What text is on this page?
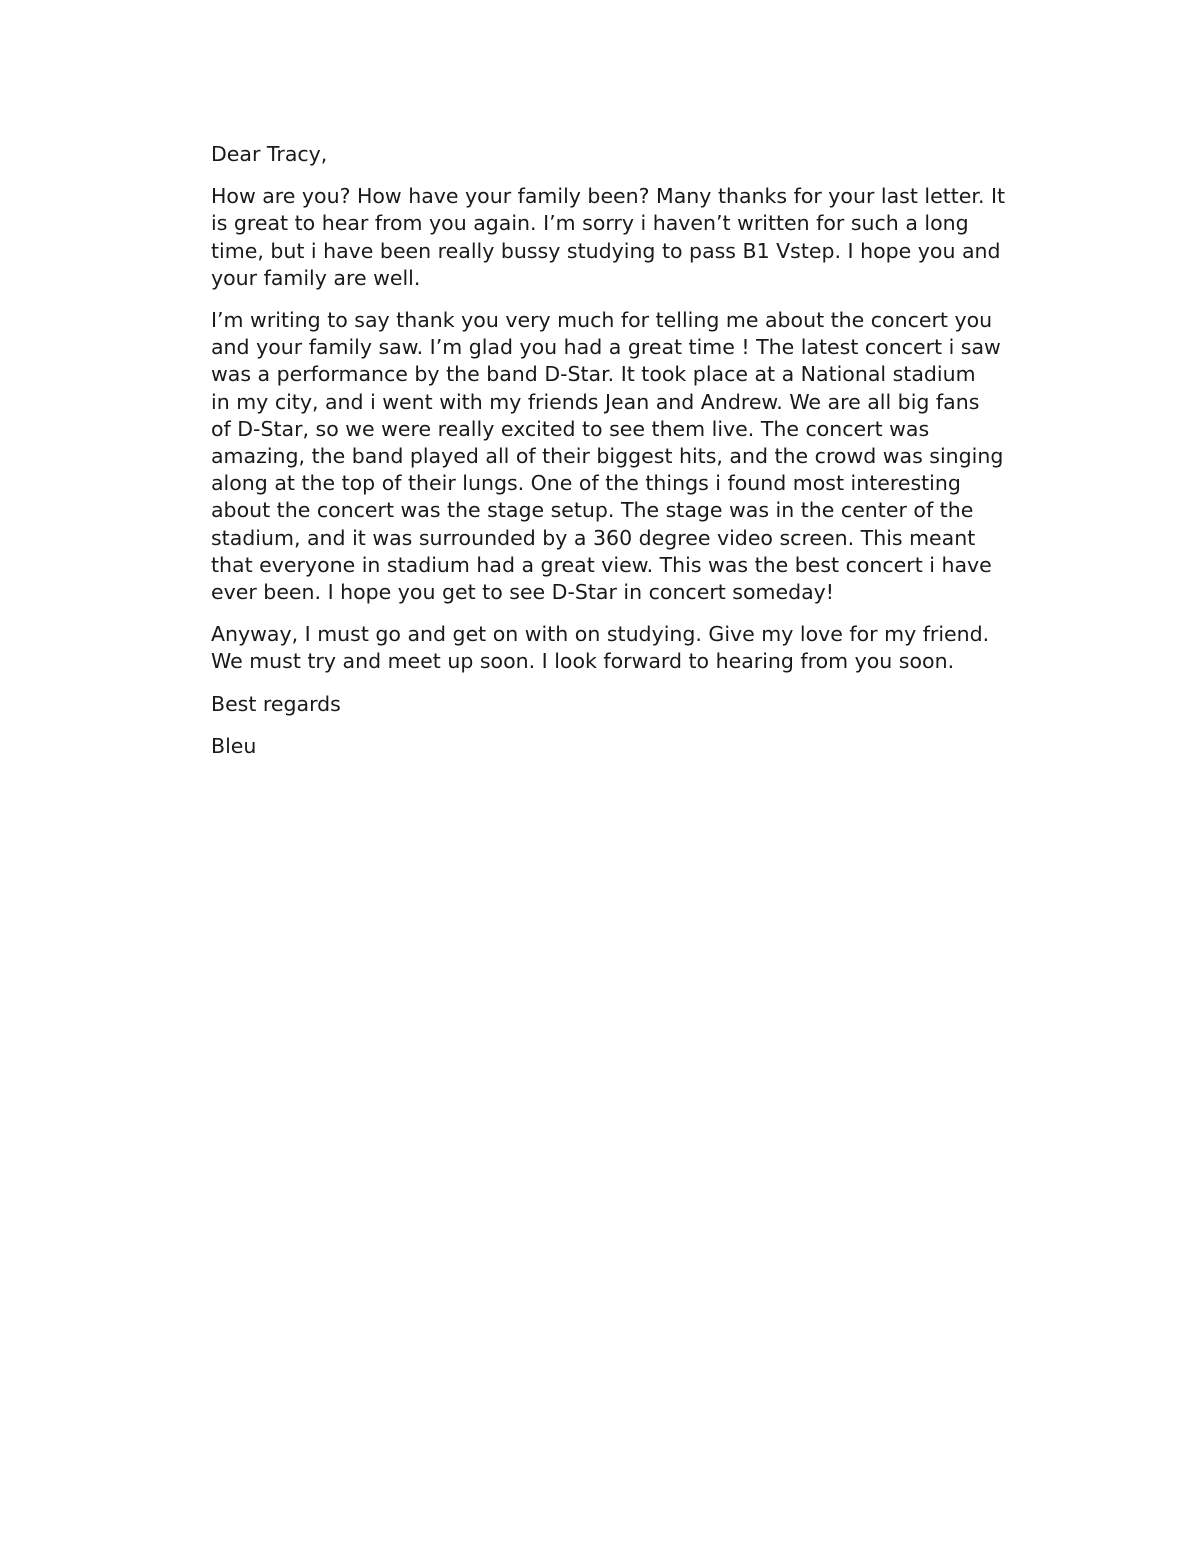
Dear Tracy,

How are you? How have your family been? Many thanks for your last letter. It
is great to hear from you again. I’m sorry i haven’t written for such a long
time, but i have been really bussy studying to pass B1 Vstep. I hope you and
your family are well.

I’m writing to say thank you very much for telling me about the concert you
and your family saw. I’m glad you had a great time ! The latest concert i saw
was a performance by the band D-Star. It took place at a National stadium
in my city, and i went with my friends Jean and Andrew. We are all big fans
of D-Star, so we were really excited to see them live. The concert was
amazing, the band played all of their biggest hits, and the crowd was singing
along at the top of their lungs. One of the things i found most interesting
about the concert was the stage setup. The stage was in the center of the
stadium, and it was surrounded by a 360 degree video screen. This meant
that everyone in stadium had a great view. This was the best concert i have
ever been. I hope you get to see D-Star in concert someday!

Anyway, I must go and get on with on studying. Give my love for my friend.
We must try and meet up soon. I look forward to hearing from you soon.

Best regards

Bleu
